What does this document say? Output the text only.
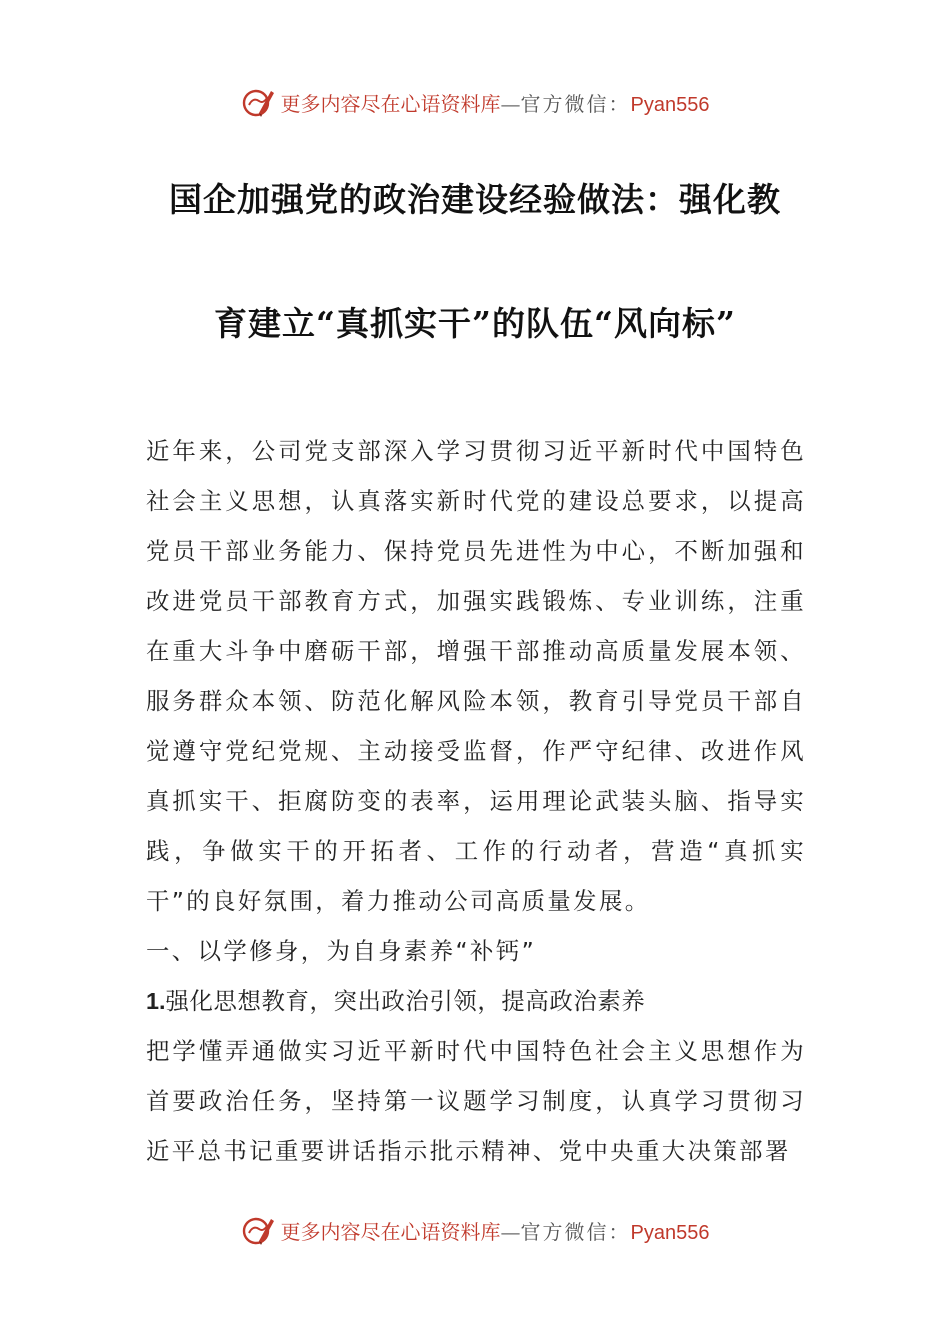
更多内容尽在心语资料库—官方微信：Pyan556
国企加强党的政治建设经验做法：强化教
育建立“真抓实干”的队伍“风向标”

近年来，公司党支部深入学习贯彻习近平新时代中国特色社会主义思想，认真落实新时代党的建设总要求，以提高党员干部业务能力、保持党员先进性为中心，不断加强和改进党员干部教育方式，加强实践锻炼、专业训练，注重在重大斗争中磨砺干部，增强干部推动高质量发展本领、服务群众本领、防范化解风险本领，教育引导党员干部自觉遵守党纪党规、主动接受监督，作严守纪律、改进作风真抓实干、拒腐防变的表率，运用理论武装头脑、指导实践，争做实干的开拓者、工作的行动者，营造“真抓实干”的良好氛围，着力推动公司高质量发展。

一、以学修身，为自身素养“补钙”

1.强化思想教育，突出政治引领，提高政治素养

把学懂弄通做实习近平新时代中国特色社会主义思想作为首要政治任务，坚持第一议题学习制度，认真学习贯彻习近平总书记重要讲话指示批示精神、党中央重大决策部署

更多内容尽在心语资料库—官方微信：Pyan556
